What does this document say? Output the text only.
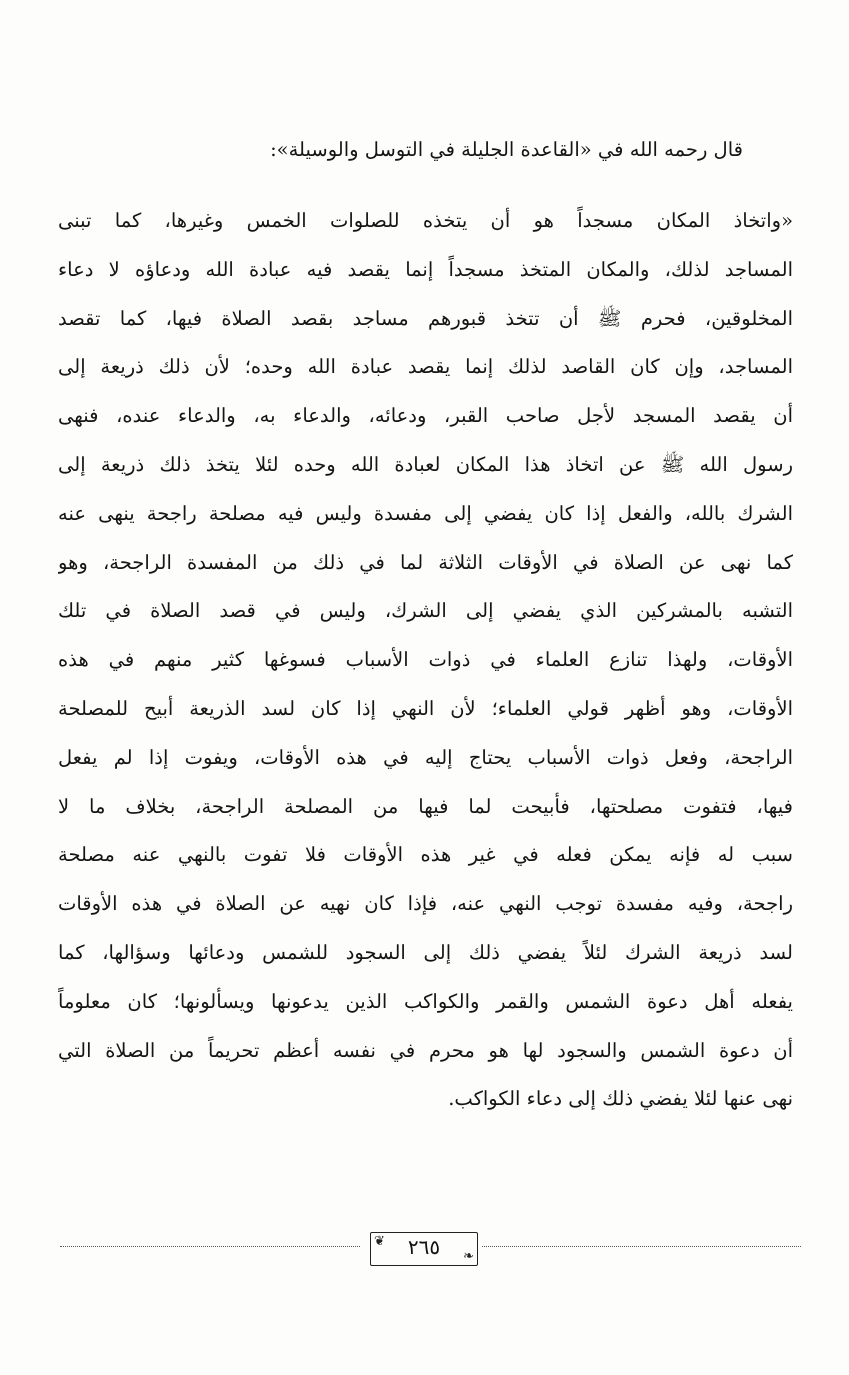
قال رحمه الله في «القاعدة الجليلة في التوسل والوسيلة»:
«واتخاذ المكان مسجداً هو أن يتخذه للصلوات الخمس وغيرها، كما تبنى
المساجد لذلك، والمكان المتخذ مسجداً إنما يقصد فيه عبادة الله ودعاؤه لا دعاء
المخلوقين، فحرم ﷺ أن تتخذ قبورهم مساجد بقصد الصلاة فيها، كما تقصد
المساجد، وإن كان القاصد لذلك إنما يقصد عبادة الله وحده؛ لأن ذلك ذريعة إلى
أن يقصد المسجد لأجل صاحب القبر، ودعائه، والدعاء به، والدعاء عنده، فنهى
رسول الله ﷺ عن اتخاذ هذا المكان لعبادة الله وحده لئلا يتخذ ذلك ذريعة إلى
الشرك بالله، والفعل إذا كان يفضي إلى مفسدة وليس فيه مصلحة راجحة ينهى عنه
كما نهى عن الصلاة في الأوقات الثلاثة لما في ذلك من المفسدة الراجحة، وهو
التشبه بالمشركين الذي يفضي إلى الشرك، وليس في قصد الصلاة في تلك
الأوقات، ولهذا تنازع العلماء في ذوات الأسباب فسوغها كثير منهم في هذه
الأوقات، وهو أظهر قولي العلماء؛ لأن النهي إذا كان لسد الذريعة أبيح للمصلحة
الراجحة، وفعل ذوات الأسباب يحتاج إليه في هذه الأوقات، ويفوت إذا لم يفعل
فيها، فتفوت مصلحتها، فأبيحت لما فيها من المصلحة الراجحة، بخلاف ما لا
سبب له فإنه يمكن فعله في غير هذه الأوقات فلا تفوت بالنهي عنه مصلحة
راجحة، وفيه مفسدة توجب النهي عنه، فإذا كان نهيه عن الصلاة في هذه الأوقات
لسد ذريعة الشرك لئلاً يفضي ذلك إلى السجود للشمس ودعائها وسؤالها، كما
يفعله أهل دعوة الشمس والقمر والكواكب الذين يدعونها ويسألونها؛ كان معلوماً
أن دعوة الشمس والسجود لها هو محرم في نفسه أعظم تحريماً من الصلاة التي
نهى عنها لئلا يفضي ذلك إلى دعاء الكواكب.
❦	٢٦٥	❧
